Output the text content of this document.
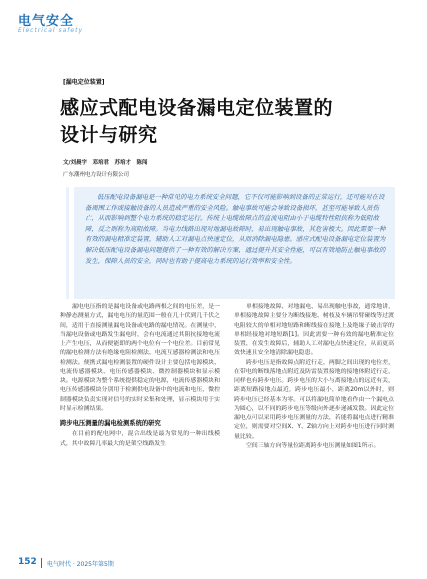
电气安全
Electrical safety
[漏电定位装置]
感应式配电设备漏电定位装置的
设计与研究
文/刘晨宇　邓培君　苏培才　陈闯
广东潮州电力设计有限公司
低压配电设备漏电是一种常见的电力系统安全问题，它不仅可能影响到设备的正常运行，还可能对在设备周围工作或接触设备的人员造成严重的安全风险。触电事故可能会导致设备损坏，甚至可能导致人员伤亡，从而影响到整个电力系统的稳定运行。传统上电缆故障点的直流电阻由小于电缆特性阻抗称为低阻故障，反之则称为高阻故障。当电力线路出现对地漏电故障时，易出现触电事故，其危害极大。因此需要一种有效的漏电精准定装置，辅助人工对漏电点快速定位，从而消除漏电隐患。感应式配电设备漏电定位装置为解决低压配电设备漏电问题提供了一种有效的解决方案，通过提升其安全性能，可以有效地防止触电事故的发生，保障人员的安全，同时也有助于提高电力系统的运行效率和安全性。

漏电电压指的是漏电设备或电路两根之间的电压差，是一种静态测量方式，漏电电压的量范围一般在几十伏到几千伏之间，适用于直接测量漏电设备或电路的漏电情况。在测量中，当漏电设备或电路发生漏电时，会有电流通过其阻抗接地电流上产生电压，从而便能即的两个电位有一个电位差。目前常见的漏电检测方法有绝缘电阻检测法、电流互感器检测法和电压检测法。便携式漏电检测装置的硬件设计主要包括电源模块、电流传感器模块、电压传感器模块、微控制器模块和显示模块。电源模块为整个系统提供稳定的电源，电流传感器模块和电压传感器模块分别用于检测供电设备中的电流和电压，微控制器模块负责实现对信号的实时采集和处理，显示模块用于实时显示检测结果。

跨步电压测量的漏电检测系统的研究

在目前的配电网中，混合出线是最为常见的一种出线模式，其中故障几率最大的是架空线路发生

单相接地故障、对地漏电、易出现触电事故，通常地讲，单相接地故障主要分为断线接地、树枝及车辆吊臂碰线等过渡电阻较大的单相对地短路和断线接在接地上及绝缘子破击穿的单相经接地对地短路[1]。因此需要一种有效的漏电精准定位装置，在发生故障后，辅助人工对漏电点快速定位，从而更高效快速且安全地清除漏电隐患。

跨步电压是指故障点附近行走，两脚之间出现的电位差，在带电的断线落地点附近及防雷装置接地的接地体附近行走，同样也有跨步电压。跨步电压的大小与离接地点的远近有关，距离短路接地点最近，跨步电压最小，距离20m以外时，则跨步电压已经基本为零。可以将漏电简单地看作由一个漏电点为圆心，以不同的跨步电压等级向外逐步递减发散。因此定位漏电点可以采用跨步电压测量的方法，若能将漏电点进行精准定位，则需要对空间X、Y、Z轴方向上对跨步电压进行同时测量比较。

空间三轴方向等量位距离跨步电压测量如图1所示。

152 电气时代 · 2025年第5期
